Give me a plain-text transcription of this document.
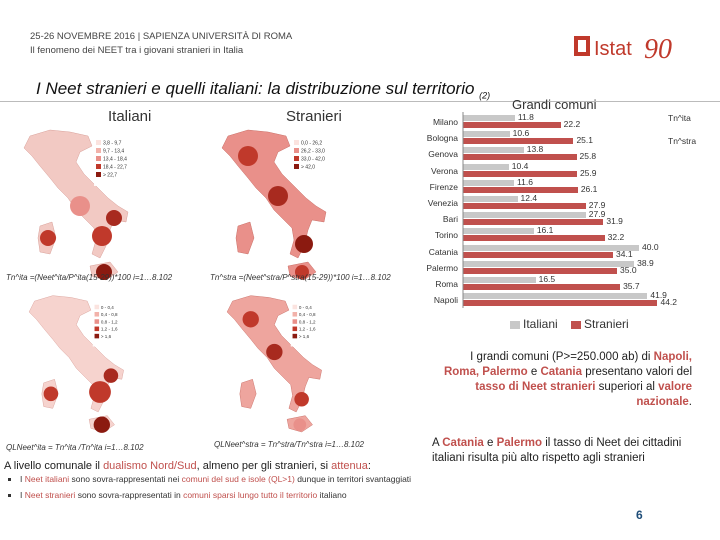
25-26 NOVEMBRE 2016 | SAPIENZA UNIVERSITÀ DI ROMA
Il fenomeno dei NEET tra i giovani stranieri in Italia	Istat 90
I Neet stranieri e quelli italiani: la distribuzione sul territorio $_{(2)}$
Italiani	Stranieri
3,8 - 9,7
9,7 - 13,4
13,4 - 18,4
18,4 - 22,7
> 22,7
0,0 - 26,2
26,2 - 33,0
33,0 - 42,0
> 42,0
Tn^ita =(Neet^ita/P^ita(15-29))*100 i=1…8.102	Tn^stra =(Neet^stra/P^stra(15-29))*100 i=1…8.102
0 - 0,4
0,4 - 0,8
0,8 - 1,2
1,2 - 1,6
> 1,6
0 - 0,4
0,4 - 0,8
0,8 - 1,2
1,2 - 1,6
> 1,6
QLNeet^ita = Tn^ita /Tn^ita i=1…8.102	QLNeet^stra = Tn^stra/Tn^stra i=1…8.102
Grandi comuni
Milano	11.8
22.2
Bologna	10.6
25.1
Genova	13.8
25.8
Verona	10.4
25.9
Firenze	11.6
26.1
Venezia	12.4
27.9
Bari	27.9
31.9
Torino	16.1
32.2
Catania	40.0
34.1
Palermo	38.9
35.0
Roma	16.5
35.7
Napoli	41.9
44.2
Tn^ita
Tn^stra
Italiani Stranieri
I grandi comuni (P>=250.000 ab) di Napoli, Roma, Palermo e Catania presentano valori del tasso di Neet stranieri superiori al valore nazionale.
A Catania e Palermo il tasso di Neet dei cittadini italiani risulta più alto rispetto agli stranieri
A livello comunale il dualismo Nord/Sud, almeno per gli stranieri, si attenua:
▪ I Neet italiani sono sovra-rappresentati nei comuni del sud e isole (QL>1) dunque in territori svantaggiati
▪ I Neet stranieri sono sovra-rappresentati in comuni sparsi lungo tutto il territorio italiano
6
